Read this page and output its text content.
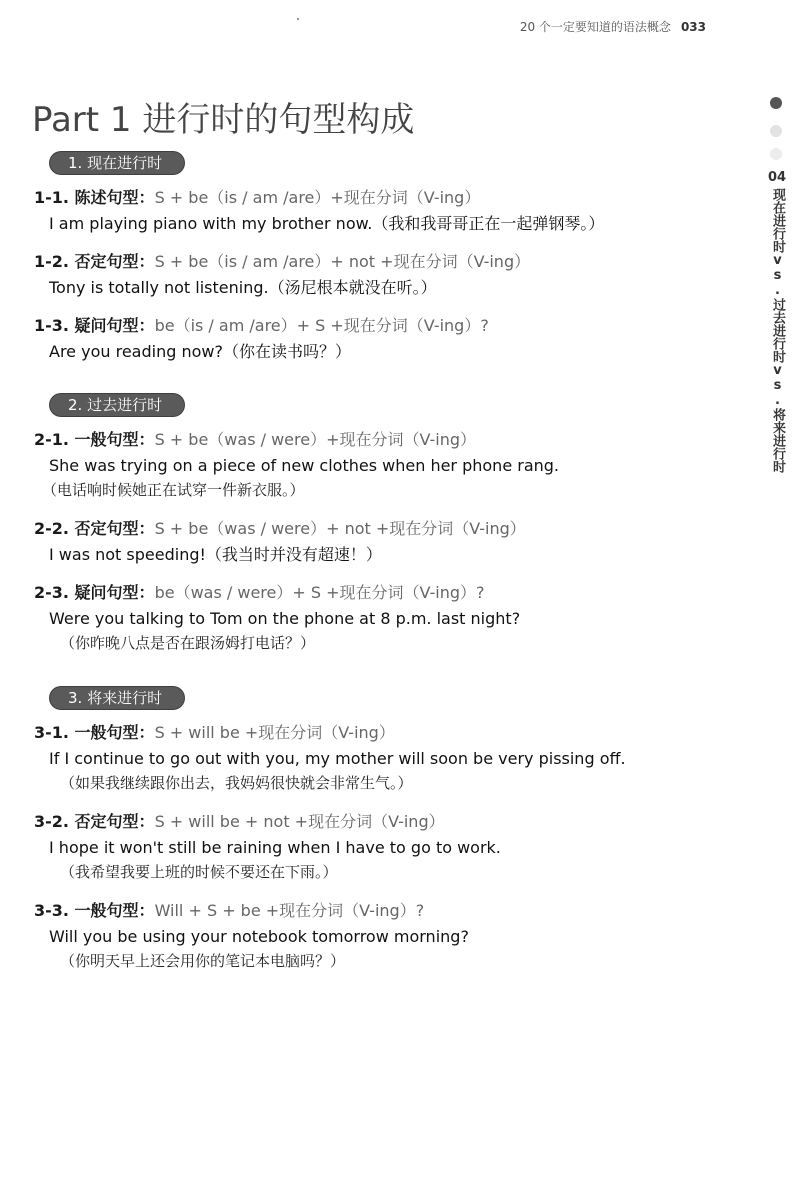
20 个一定要知道的语法概念 033
Part 1 进行时的句型构成
04
现在进行时vs.过去进行时vs.将来进行时
1. 现在进行时
1-1. 陈述句型：S + be（is / am /are）+现在分词（V-ing）
I am playing piano with my brother now.（我和我哥哥正在一起弹钢琴。）
1-2. 否定句型：S + be（is / am /are）+ not +现在分词（V-ing）
Tony is totally not listening.（汤尼根本就没在听。）
1-3. 疑问句型：be（is / am /are）+ S +现在分词（V-ing）?
Are you reading now?（你在读书吗？）
2. 过去进行时
2-1. 一般句型：S + be（was / were）+现在分词（V-ing）
She was trying on a piece of new clothes when her phone rang.
（电话响时候她正在试穿一件新衣服。）
2-2. 否定句型：S + be（was / were）+ not +现在分词（V-ing）
I was not speeding!（我当时并没有超速！）
2-3. 疑问句型：be（was / were）+ S +现在分词（V-ing）?
Were you talking to Tom on the phone at 8 p.m. last night?
（你昨晚八点是否在跟汤姆打电话？）
3. 将来进行时
3-1. 一般句型：S + will be +现在分词（V-ing）
If I continue to go out with you, my mother will soon be very pissing off.
（如果我继续跟你出去，我妈妈很快就会非常生气。）
3-2. 否定句型：S + will be + not +现在分词（V-ing）
I hope it won't still be raining when I have to go to work.
（我希望我要上班的时候不要还在下雨。）
3-3. 一般句型：Will + S + be +现在分词（V-ing）?
Will you be using your notebook tomorrow morning?
（你明天早上还会用你的笔记本电脑吗？）
